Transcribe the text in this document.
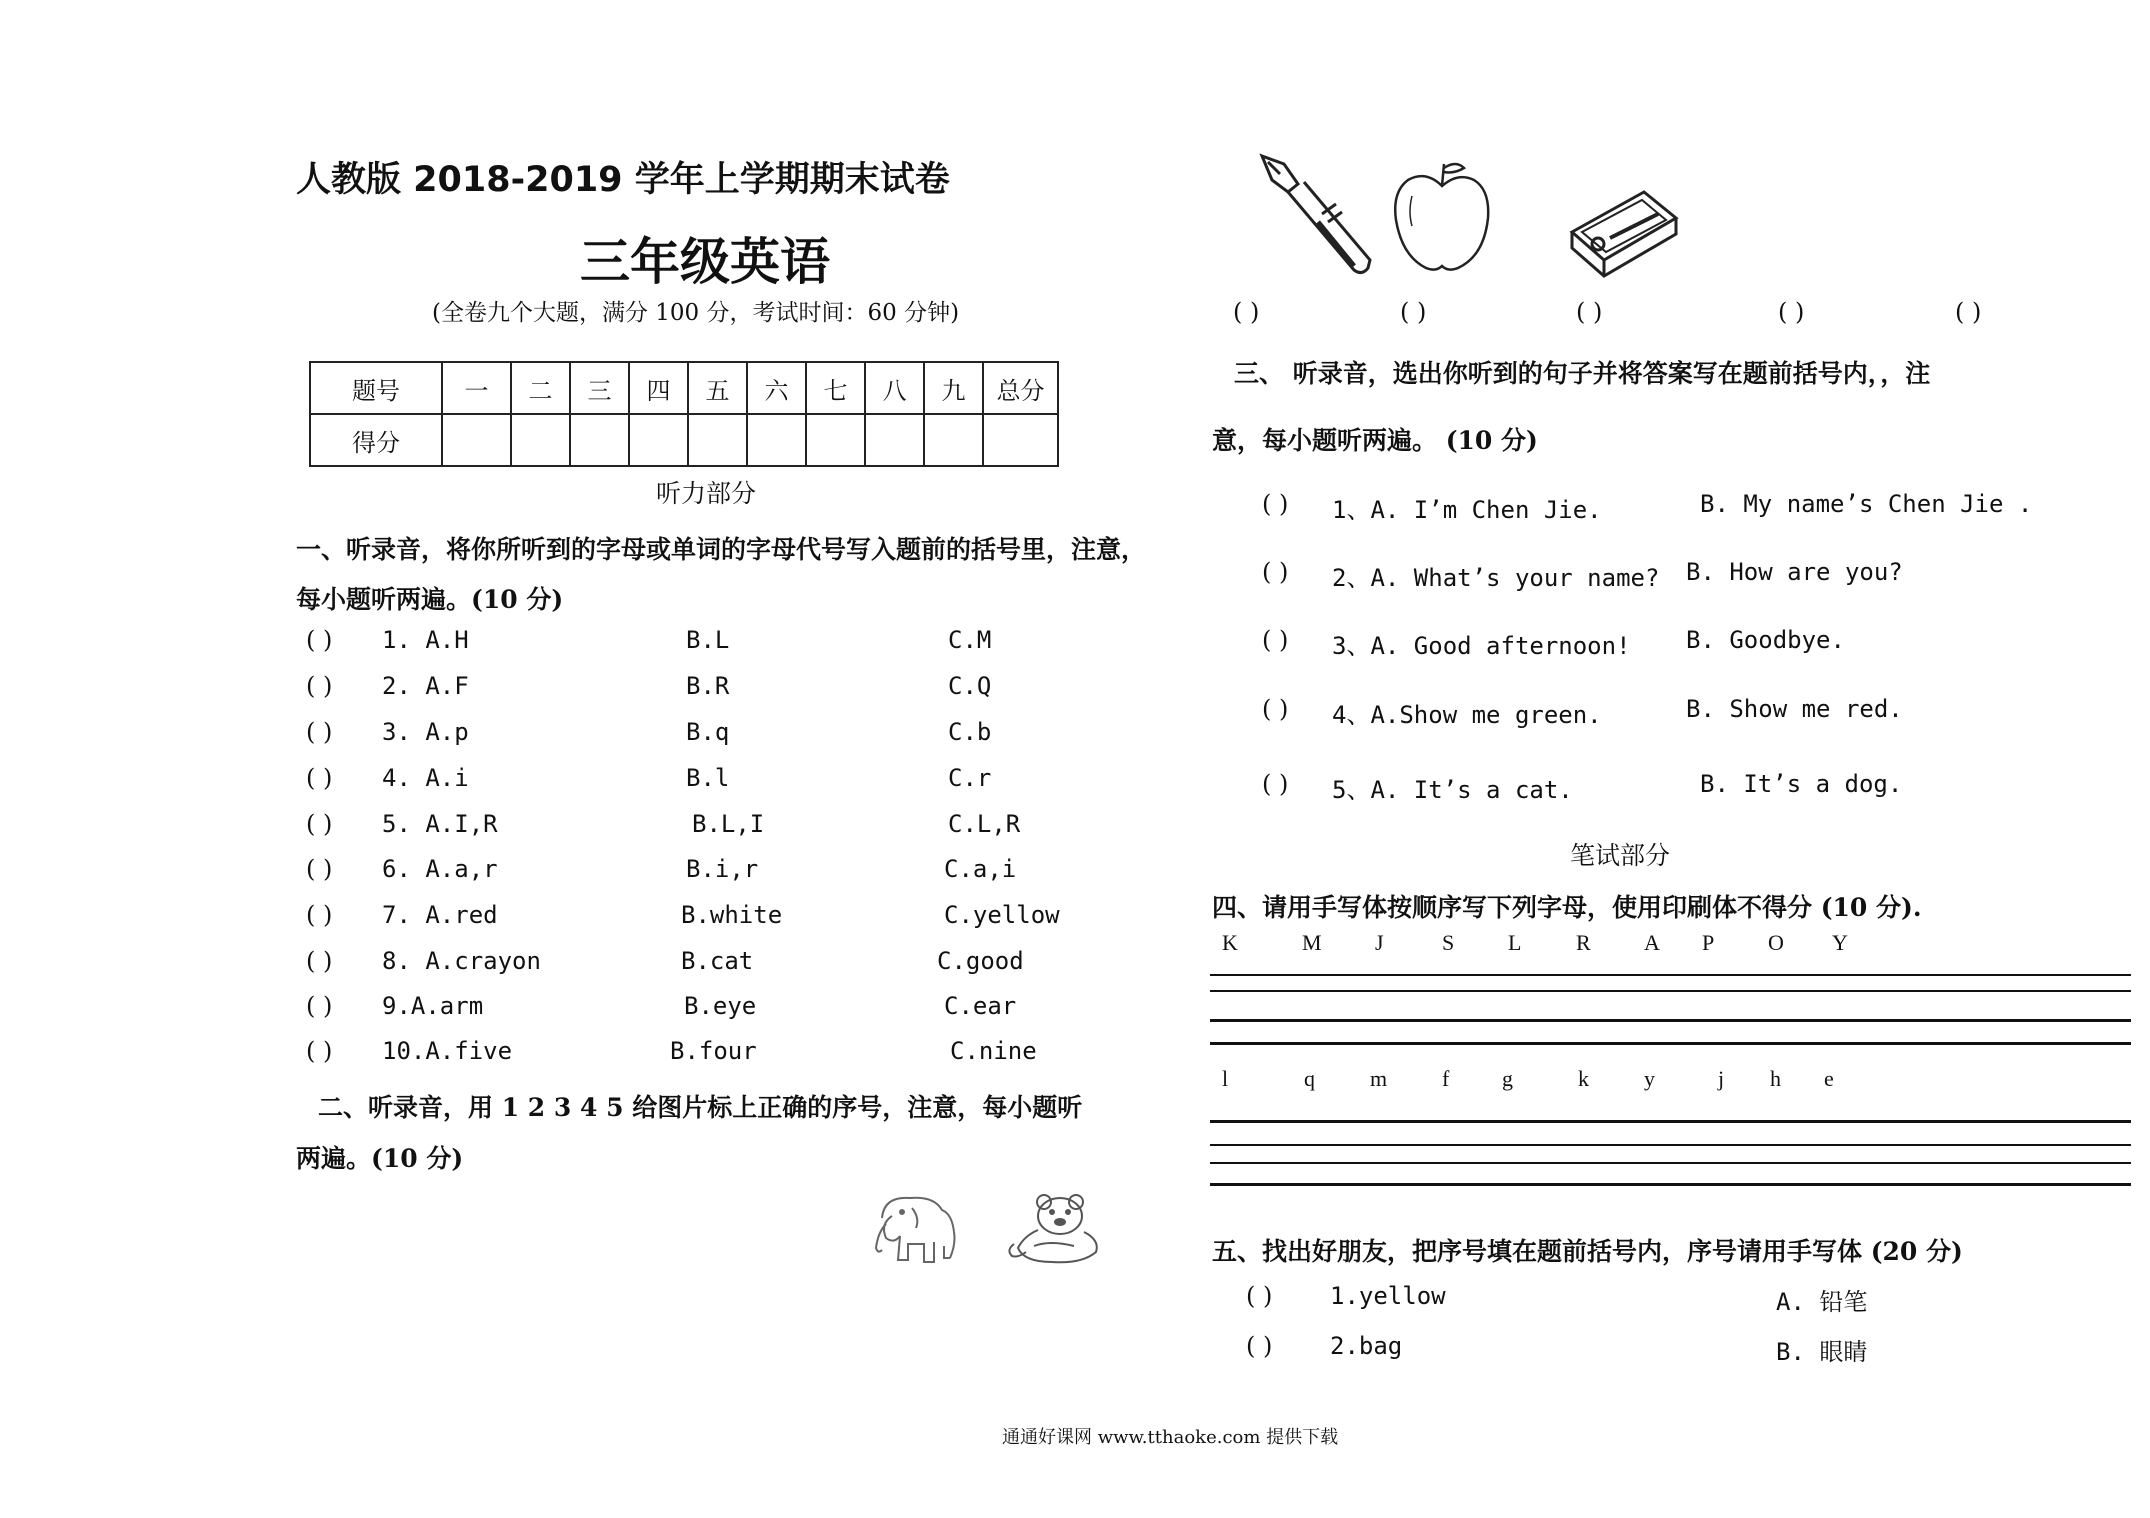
人教版 2018-2019 学年上学期期末试卷
三年级英语
(全卷九个大题，满分 100 分，考试时间：60 分钟)
题号	一	二	三	四	五	六	七	八	九	总分
得分										
听力部分
一、听录音，将你所听到的字母或单词的字母代号写入题前的括号里，注意，
每小题听两遍。(10 分)
( ) 1. A.H	B.L	C.M
( ) 2. A.F	B.R	C.Q
( ) 3. A.p	B.q	C.b
( ) 4. A.i	B.l	C.r
( ) 5. A.I,R	B.L,I	C.L,R
( ) 6. A.a,r	B.i,r	C.a,i
( ) 7. A.red	B.white	C.yellow
( ) 8. A.crayon	B.cat	C.good
( ) 9.A.arm	B.eye	C.ear
( ) 10.A.five	B.four	C.nine
二、听录音，用 1 2 3 4 5 给图片标上正确的序号，注意，每小题听
两遍。(10 分)
( )	( )	( )	( )	( )
三、 听录音，选出你听到的句子并将答案写在题前括号内，，注
意，每小题听两遍。 (10 分)
( ) 1、A. I’m Chen Jie.	B. My name’s Chen Jie .
( ) 2、A. What’s your name? B. How are you?
( ) 3、A. Good afternoon! B. Goodbye.
( ) 4、A.Show me green.	B. Show me red.
( ) 5、A. It’s a cat.	B. It’s a dog.
笔试部分
四、请用手写体按顺序写下列字母，使用印刷体不得分 (10 分).
K	M J	S L R A P O Y
l	q	m f g	k	y	j h e
五、找出好朋友，把序号填在题前括号内，序号请用手写体 (20 分)
( ) 1.yellow	A. 铅笔
( ) 2.bag	B. 眼睛
通通好课网 www.tthaoke.com 提供下载
